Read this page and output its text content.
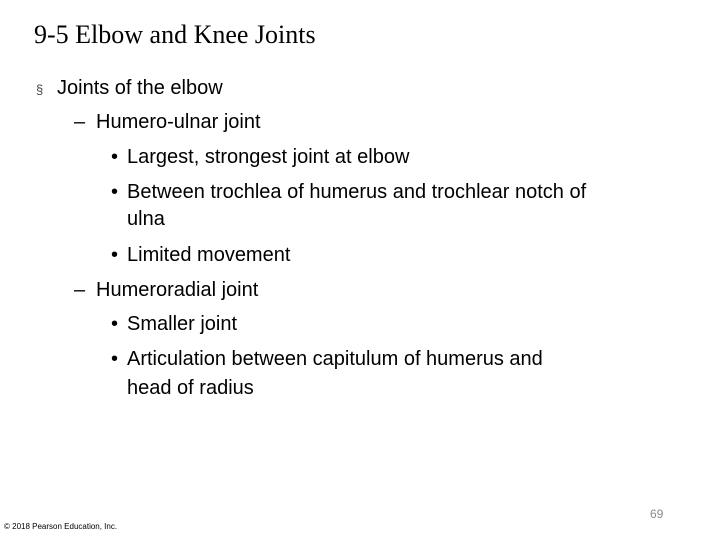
9-5 Elbow and Knee Joints
§ Joints of the elbow
– Humero-ulnar joint
• Largest, strongest joint at elbow
• Between trochlea of humerus and trochlear notch of
ulna
• Limited movement
– Humeroradial joint
• Smaller joint
• Articulation between capitulum of humerus and
head of radius
69
© 2018 Pearson Education, Inc.
